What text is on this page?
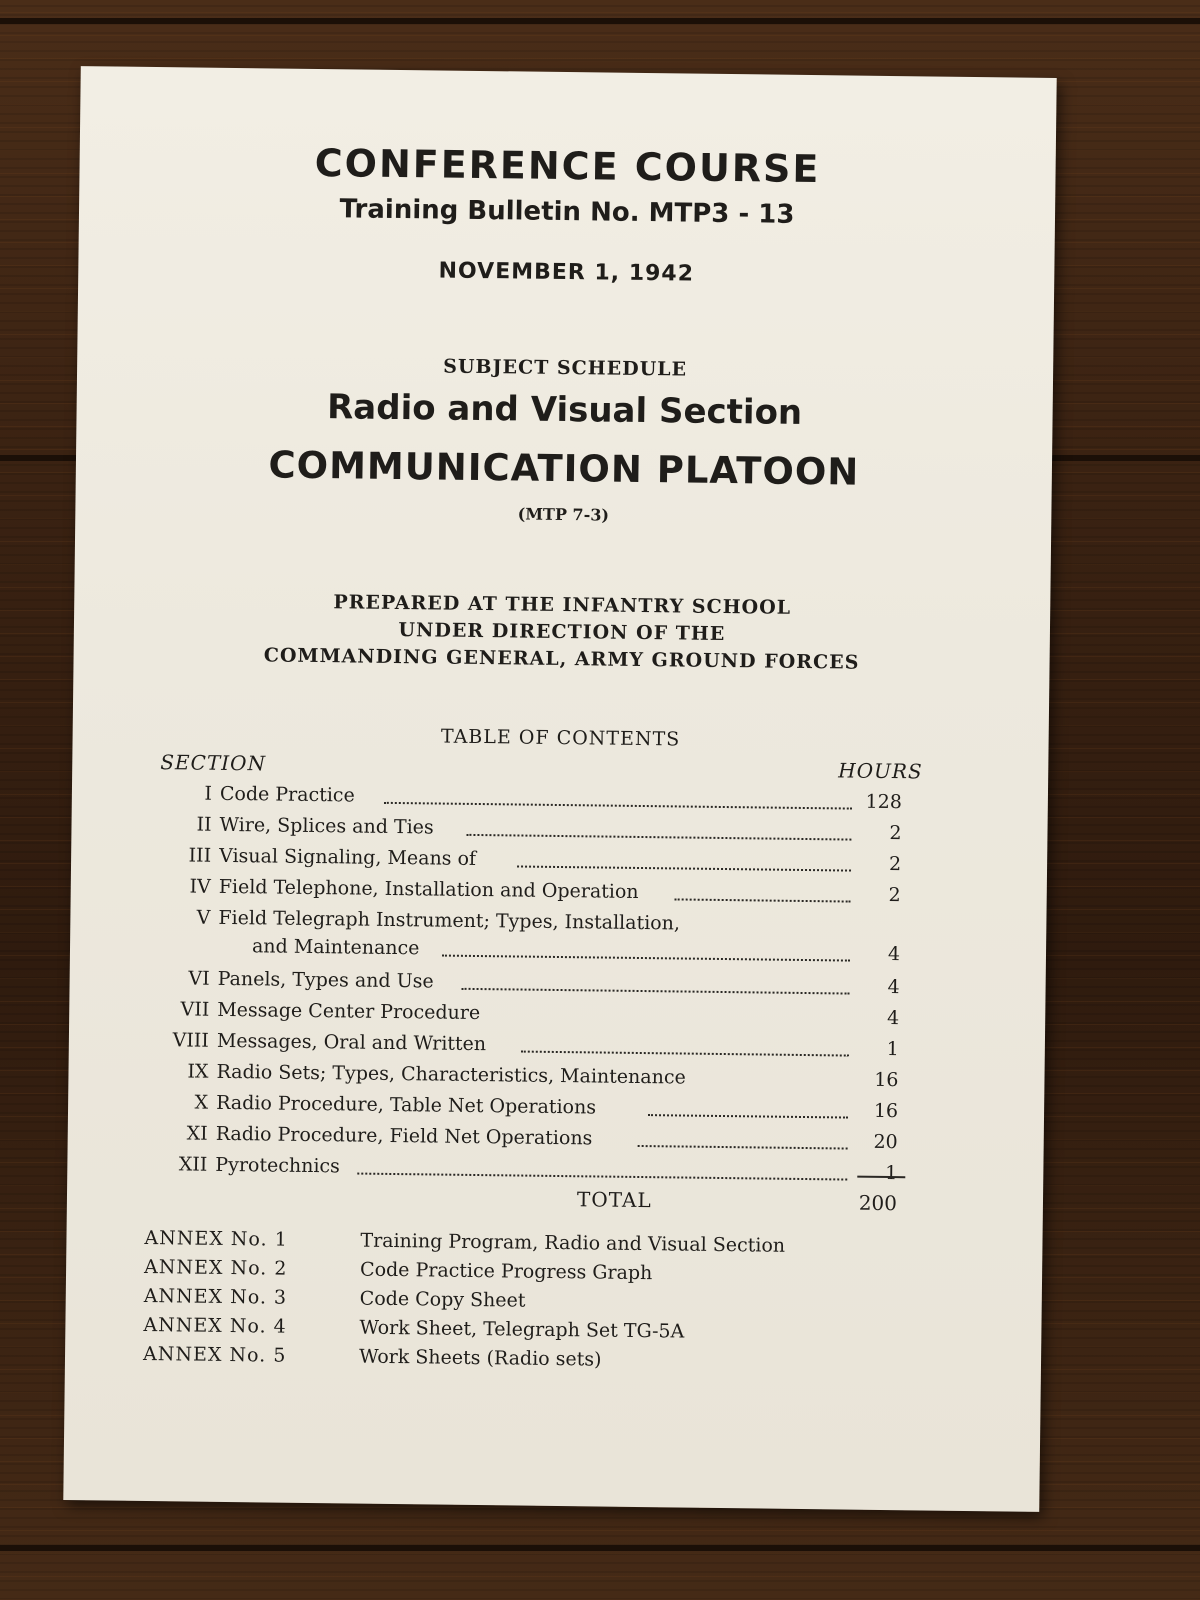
CONFERENCE COURSE
Training Bulletin No. MTP3 - 13
NOVEMBER 1, 1942
SUBJECT SCHEDULE
Radio and Visual Section
COMMUNICATION PLATOON
(MTP 7-3)
PREPARED AT THE INFANTRY SCHOOL
UNDER DIRECTION OF THE
COMMANDING GENERAL, ARMY GROUND FORCES
TABLE OF CONTENTS
SECTION	HOURS
I Code Practice	128
II Wire, Splices and Ties	2
III Visual Signaling, Means of	2
IV Field Telephone, Installation and Operation	2
V Field Telegraph Instrument; Types, Installation,
and Maintenance	4
VI Panels, Types and Use	4
VII Message Center Procedure	4
VIII Messages, Oral and Written	1
IX Radio Sets; Types, Characteristics, Maintenance	16
X Radio Procedure, Table Net Operations	16
XI Radio Procedure, Field Net Operations	20
XII Pyrotechnics	1
TOTAL	200
ANNEX No. 1	Training Program, Radio and Visual Section
ANNEX No. 2	Code Practice Progress Graph
ANNEX No. 3	Code Copy Sheet
ANNEX No. 4	Work Sheet, Telegraph Set TG-5A
ANNEX No. 5	Work Sheets (Radio sets)
